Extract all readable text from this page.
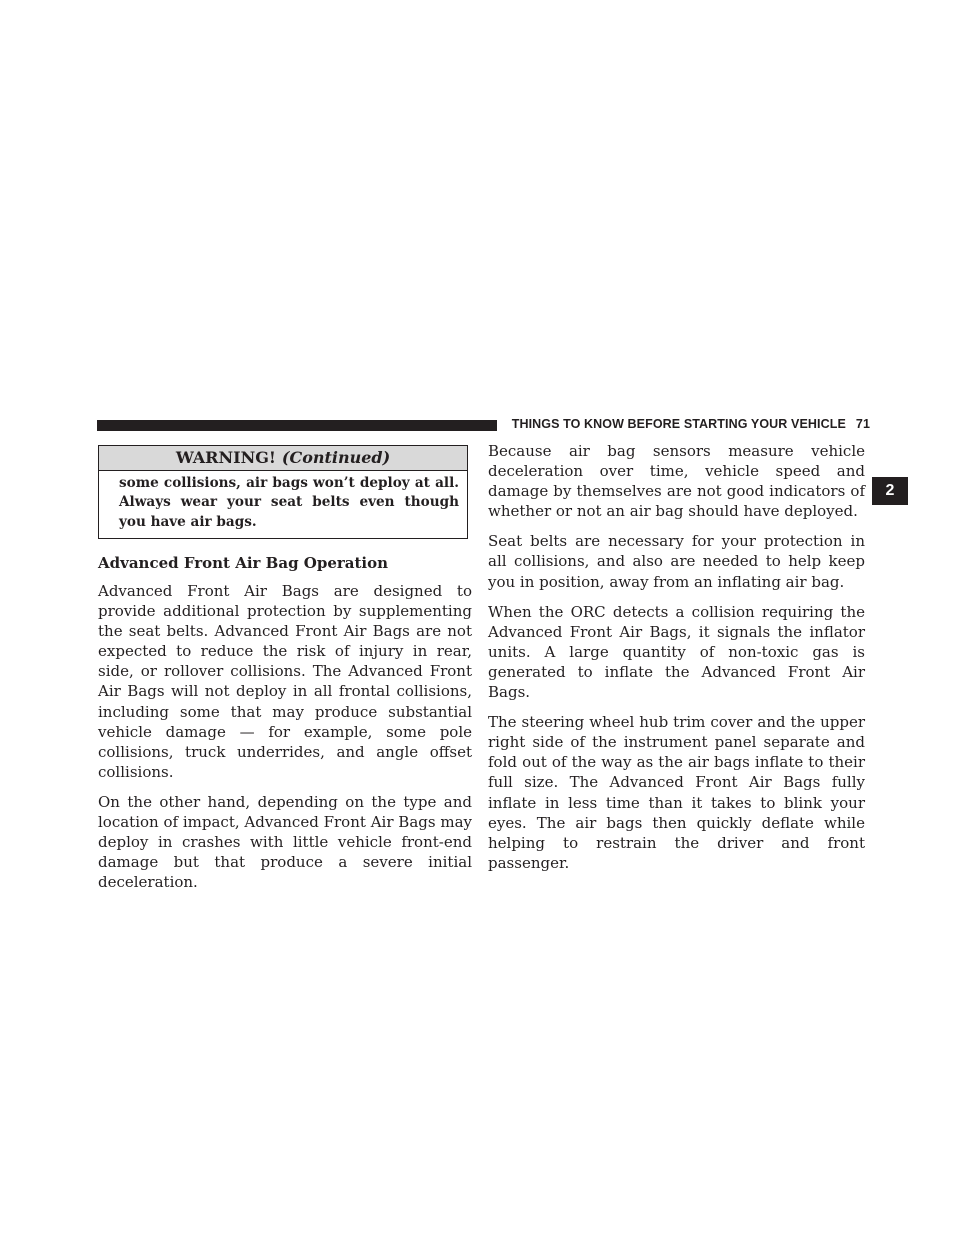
THINGS TO KNOW BEFORE STARTING YOUR VEHICLE 71
2
WARNING! (Continued)
some collisions, air bags won’t deploy at all. Always wear your seat belts even though you have air bags.
Advanced Front Air Bag Operation

Advanced Front Air Bags are designed to provide additional protection by supplementing the seat belts. Advanced Front Air Bags are not expected to reduce the risk of injury in rear, side, or rollover collisions. The Advanced Front Air Bags will not deploy in all frontal collisions, including some that may produce substantial vehicle damage — for example, some pole collisions, truck underrides, and angle offset collisions.

On the other hand, depending on the type and location of impact, Advanced Front Air Bags may deploy in crashes with little vehicle front-end damage but that produce a severe initial deceleration.

Because air bag sensors measure vehicle deceleration over time, vehicle speed and damage by themselves are not good indicators of whether or not an air bag should have deployed.

Seat belts are necessary for your protection in all collisions, and also are needed to help keep you in position, away from an inflating air bag.

When the ORC detects a collision requiring the Advanced Front Air Bags, it signals the inflator units. A large quantity of non-toxic gas is generated to inflate the Advanced Front Air Bags.

The steering wheel hub trim cover and the upper right side of the instrument panel separate and fold out of the way as the air bags inflate to their full size. The Advanced Front Air Bags fully inflate in less time than it takes to blink your eyes. The air bags then quickly deflate while helping to restrain the driver and front passenger.
